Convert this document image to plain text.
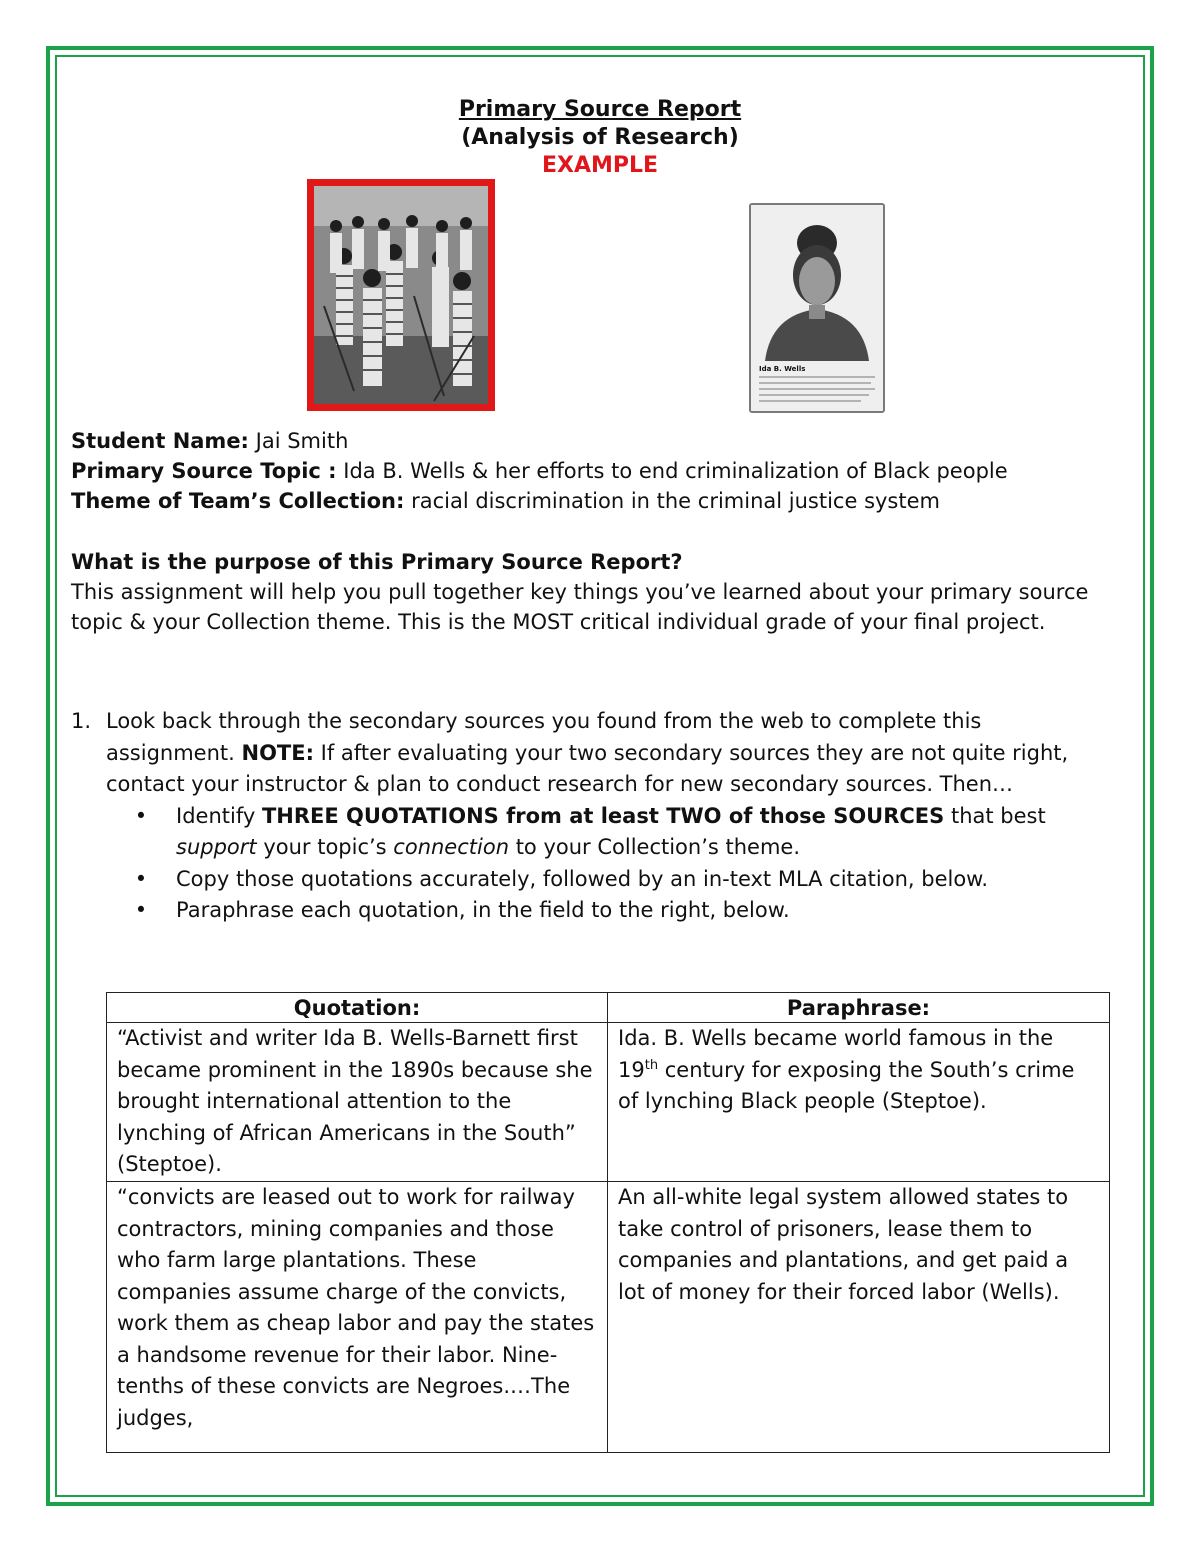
Primary Source Report
(Analysis of Research)
EXAMPLE
Ida B. Wells
Student Name: Jai Smith
Primary Source Topic : Ida B. Wells & her efforts to end criminalization of Black people
Theme of Team’s Collection: racial discrimination in the criminal justice system
What is the purpose of this Primary Source Report?
This assignment will help you pull together key things you’ve learned about your primary source topic & your Collection theme. This is the MOST critical individual grade of your final project.
1. Look back through the secondary sources you found from the web to complete this assignment. NOTE: If after evaluating your two secondary sources they are not quite right, contact your instructor & plan to conduct research for new secondary sources. Then…
•	Identify THREE QUOTATIONS from at least TWO of those SOURCES that best support your topic’s connection to your Collection’s theme.
•	Copy those quotations accurately, followed by an in-text MLA citation, below.
•	Paraphrase each quotation, in the field to the right, below.
Quotation:	Paraphrase:
“Activist and writer Ida B. Wells-Barnett first became prominent in the 1890s because she brought international attention to the lynching of African Americans in the South” (Steptoe).	Ida. B. Wells became world famous in the 19th century for exposing the South’s crime of lynching Black people (Steptoe).
“convicts are leased out to work for railway contractors, mining companies and those who farm large plantations. These companies assume charge of the convicts, work them as cheap labor and pay the states a handsome revenue for their labor. Nine-tenths of these convicts are Negroes.…The judges,	An all-white legal system allowed states to take control of prisoners, lease them to companies and plantations, and get paid a lot of money for their forced labor (Wells).
